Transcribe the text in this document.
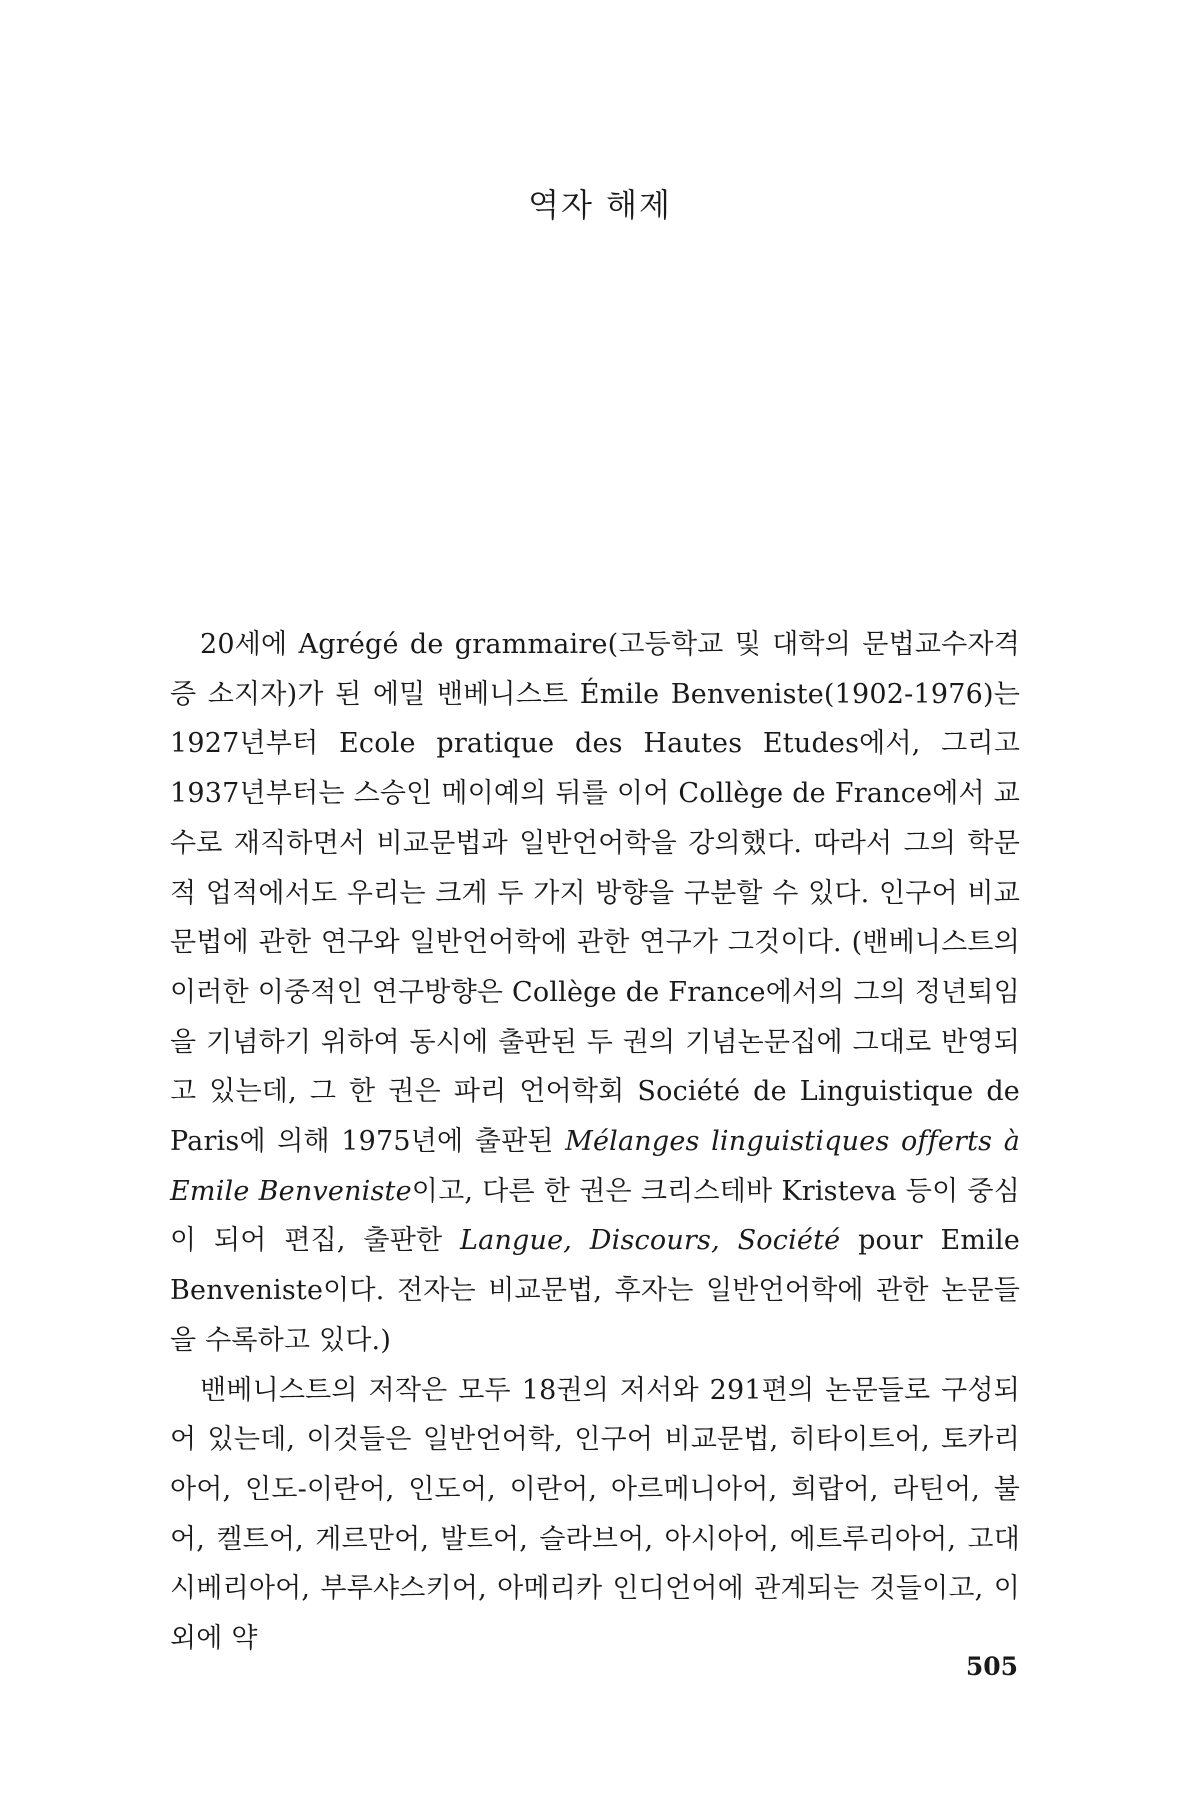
역자 해제

20세에 Agrégé de grammaire(고등학교 및 대학의 문법교수자격증 소지자)가 된 에밀 밴베니스트 Émile Benveniste(1902-1976)는 1927년부터 Ecole pratique des Hautes Etudes에서, 그리고 1937년부터는 스승인 메이예의 뒤를 이어 Collège de France에서 교수로 재직하면서 비교문법과 일반언어학을 강의했다. 따라서 그의 학문적 업적에서도 우리는 크게 두 가지 방향을 구분할 수 있다. 인구어 비교문법에 관한 연구와 일반언어학에 관한 연구가 그것이다. (밴베니스트의 이러한 이중적인 연구방향은 Collège de France에서의 그의 정년퇴임을 기념하기 위하여 동시에 출판된 두 권의 기념논문집에 그대로 반영되고 있는데, 그 한 권은 파리 언어학회 Société de Linguistique de Paris에 의해 1975년에 출판된 Mélanges linguistiques offerts à Emile Benveniste이고, 다른 한 권은 크리스테바 Kristeva 등이 중심이 되어 편집, 출판한 Langue, Discours, Société pour Emile Benveniste이다. 전자는 비교문법, 후자는 일반언어학에 관한 논문들을 수록하고 있다.)

밴베니스트의 저작은 모두 18권의 저서와 291편의 논문들로 구성되어 있는데, 이것들은 일반언어학, 인구어 비교문법, 히타이트어, 토카리아어, 인도-이란어, 인도어, 이란어, 아르메니아어, 희랍어, 라틴어, 불어, 켈트어, 게르만어, 발트어, 슬라브어, 아시아어, 에트루리아어, 고대 시베리아어, 부루샤스키어, 아메리카 인디언어에 관계되는 것들이고, 이외에 약

505
